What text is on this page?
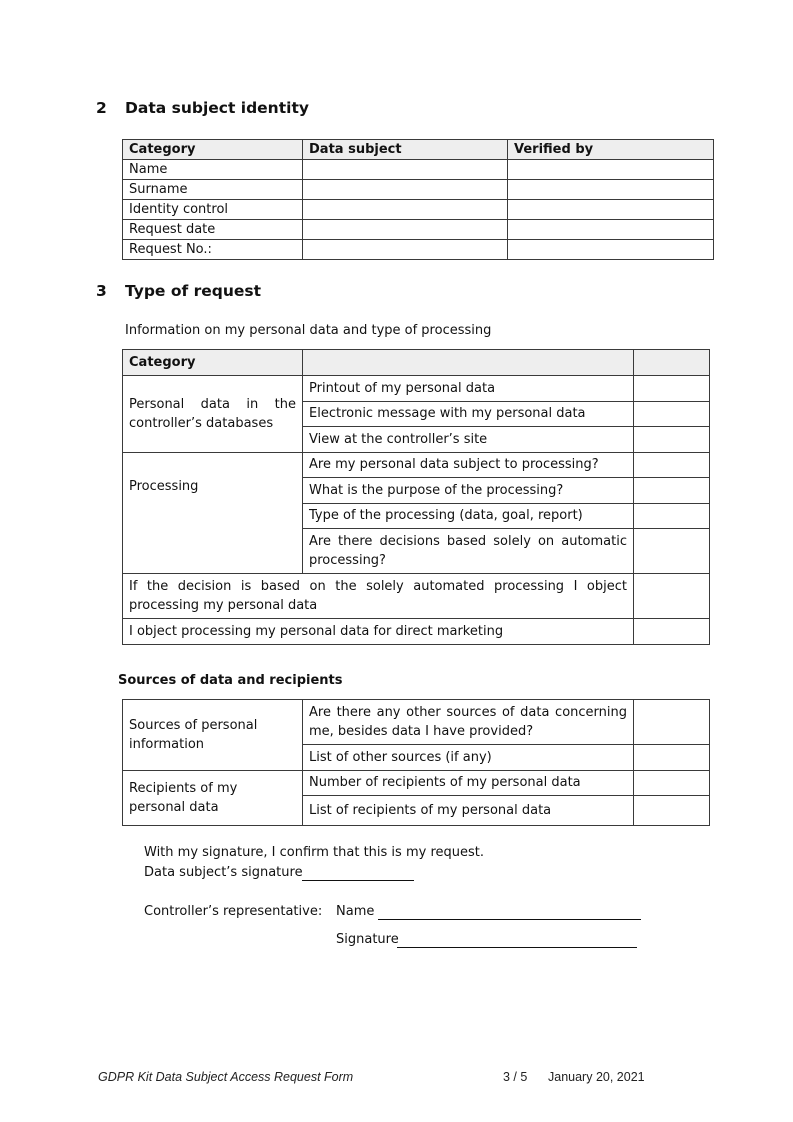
2 Data subject identity
Category	Data subject	Verified by
Name		
Surname		
Identity control		
Request date		
Request No.:		
3 Type of request
Information on my personal data and type of processing
Category		
Personal data in the controller’s databases	Printout of my personal data	
	Electronic message with my personal data	
	View at the controller’s site	
Processing	Are my personal data subject to processing?	
	What is the purpose of the processing?	
	Type of the processing (data, goal, report)	
	Are there decisions based solely on automatic processing?	
If the decision is based on the solely automated processing I object processing my personal data		
I object processing my personal data for direct marketing		
Sources of data and recipients
Sources of personal information	Are there any other sources of data concerning me, besides data I have provided?	
	List of other sources (if any)	
Recipients of my personal data	Number of recipients of my personal data	
	List of recipients of my personal data	
With my signature, I confirm that this is my request.
Data subject’s signature
Controller’s representative: Name
Signature
GDPR Kit Data Subject Access Request Form	3 / 5 January 20, 2021
